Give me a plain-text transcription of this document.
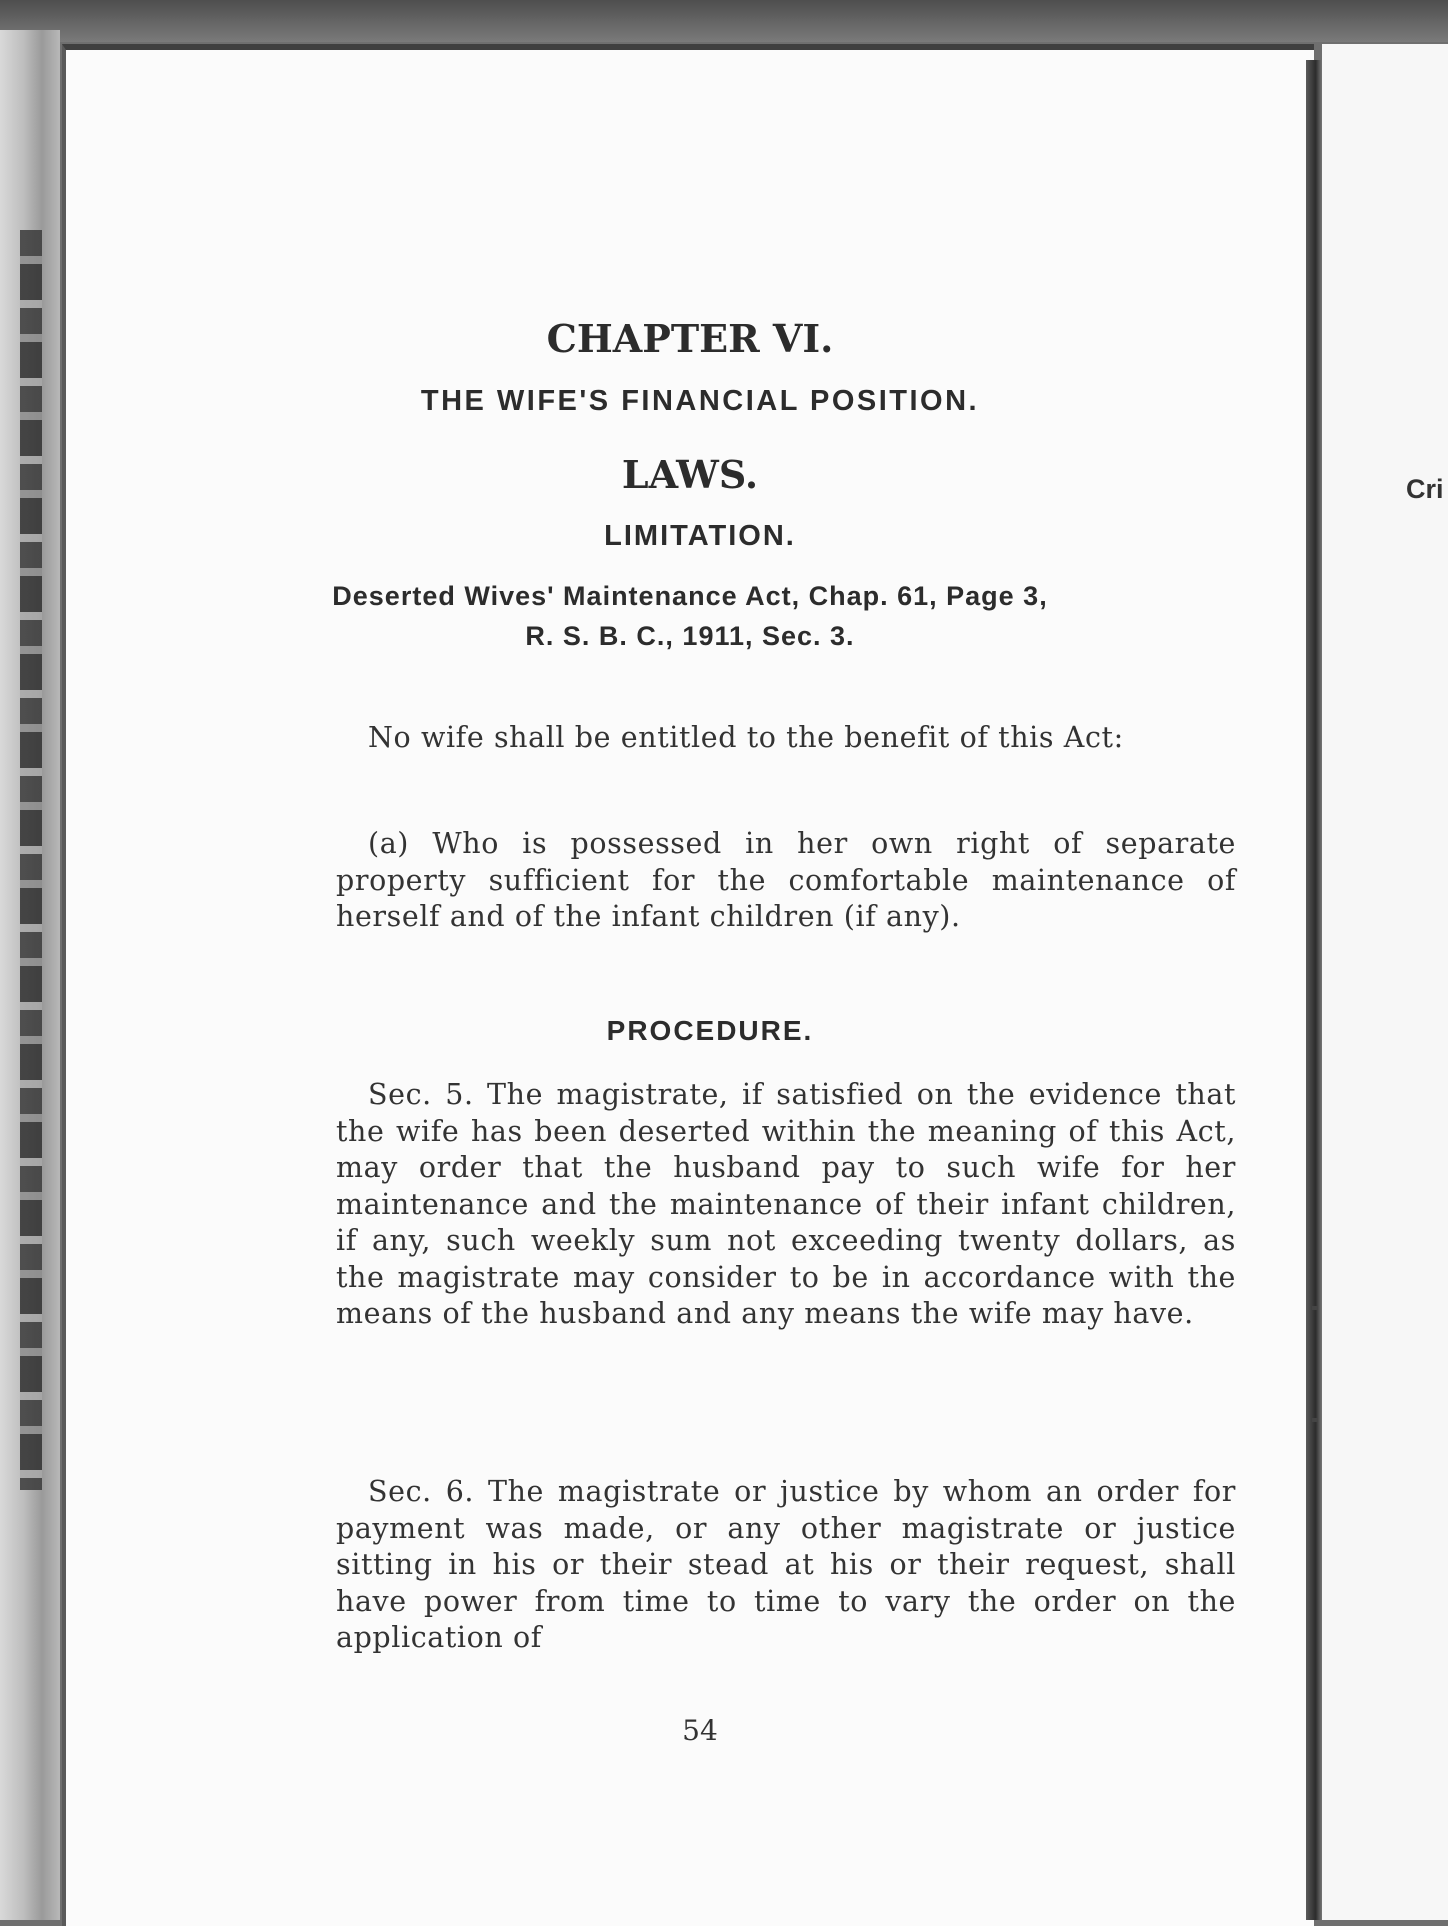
CHAPTER VI.
THE WIFE'S FINANCIAL POSITION.
LAWS.
LIMITATION.
Deserted Wives' Maintenance Act, Chap. 61, Page 3,
R. S. B. C., 1911, Sec. 3.

No wife shall be entitled to the benefit of this Act:

(a) Who is possessed in her own right of separate property sufficient for the comfortable maintenance of herself and of the infant children (if any).

PROCEDURE.

Sec. 5. The magistrate, if satisfied on the evidence that the wife has been deserted within the meaning of this Act, may order that the husband pay to such wife for her maintenance and the maintenance of their infant children, if any, such weekly sum not exceeding twenty dollars, as the magistrate may consider to be in accordance with the means of the husband and any means the wife may have.

Sec. 6. The magistrate or justice by whom an order for payment was made, or any other magistrate or justice sitting in his or their stead at his or their request, shall have power from time to time to vary the order on the application of

54
Cri
